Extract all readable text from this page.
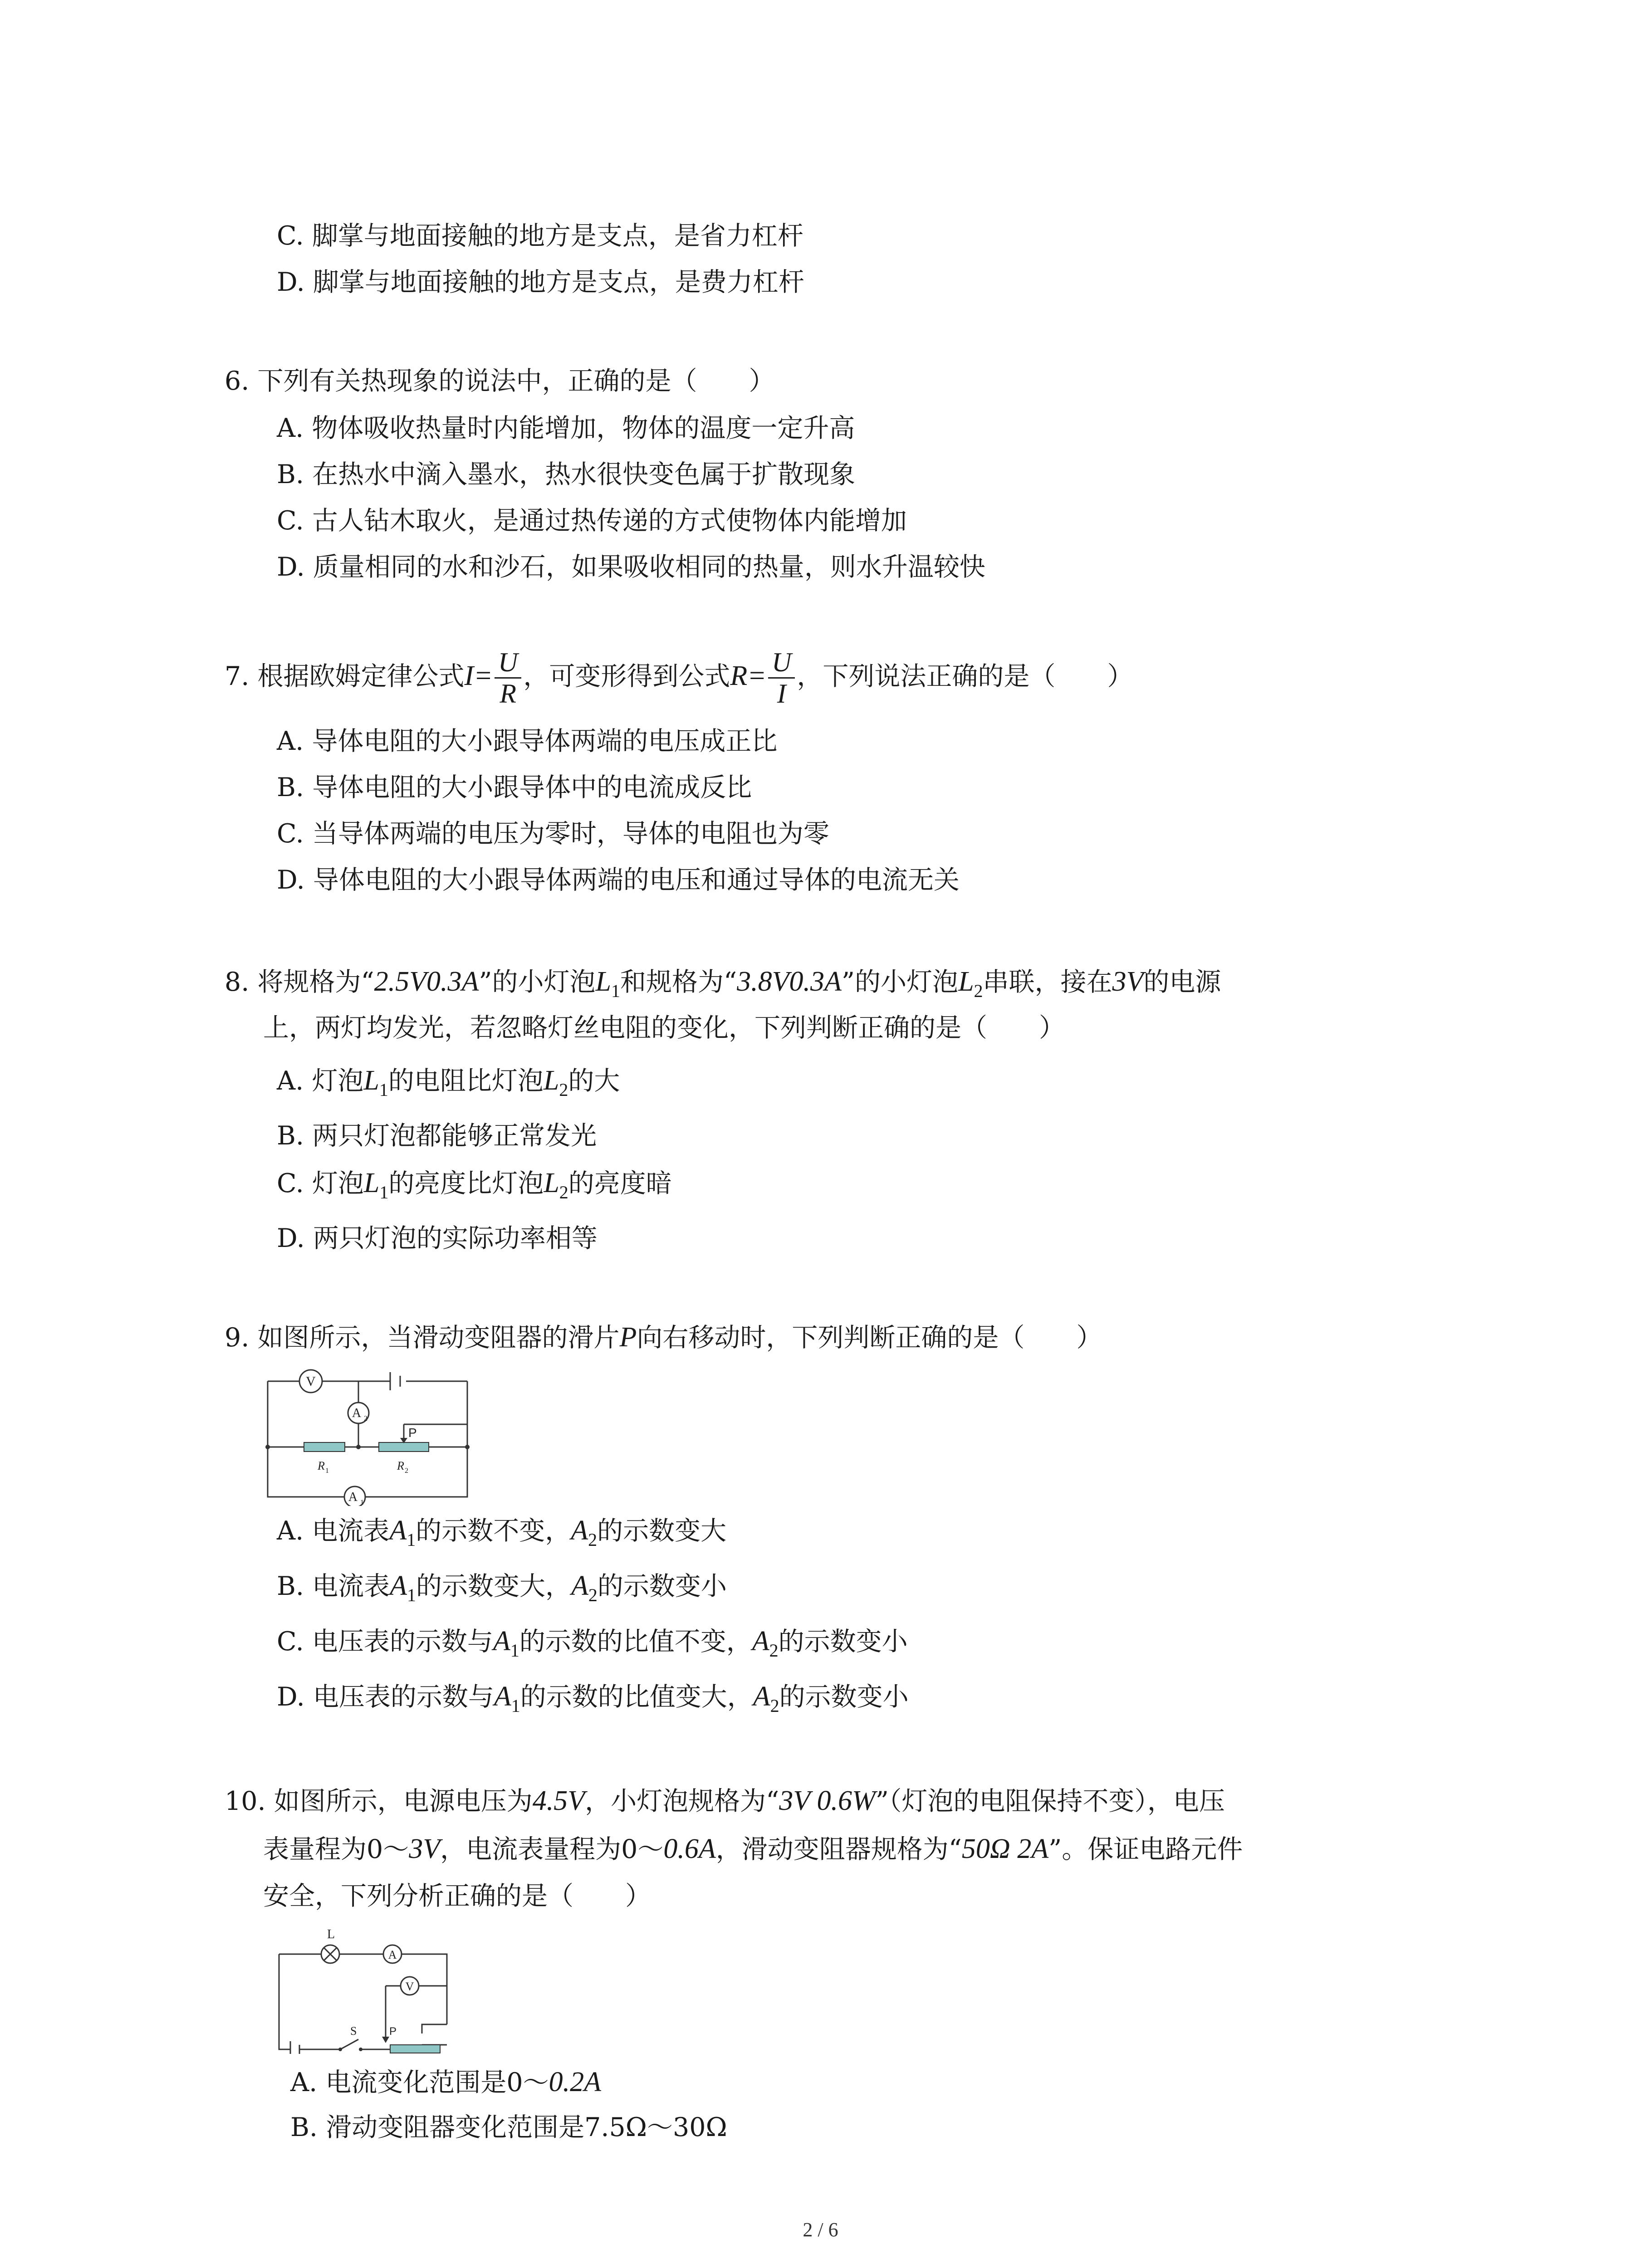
C. 脚掌与地面接触的地方是支点，是省力杠杆
D. 脚掌与地面接触的地方是支点，是费力杠杆
6. 下列有关热现象的说法中，正确的是（　　）
A. 物体吸收热量时内能增加，物体的温度一定升高
B. 在热水中滴入墨水，热水很快变色属于扩散现象
C. 古人钻木取火，是通过热传递的方式使物体内能增加
D. 质量相同的水和沙石，如果吸收相同的热量，则水升温较快
7. 根据欧姆定律公式$I= \frac{U}{R}$ ，可变形得到公式$R= \frac{U}{I}$ ，下列说法正确的是（　　）
A. 导体电阻的大小跟导体两端的电压成正比
B. 导体电阻的大小跟导体中的电流成反比
C. 当导体两端的电压为零时，导体的电阻也为零
D. 导体电阻的大小跟导体两端的电压和通过导体的电流无关
8. 将规格为“2.5V0.3A”的小灯泡$L_1$和规格为“3.8V0.3A”的小灯泡$L_2$串联，接在3V的电源
上，两灯均发光，若忽略灯丝电阻的变化，下列判断正确的是（　　）
A. 灯泡$L_1$的电阻比灯泡$L_2$的大
B. 两只灯泡都能够正常发光
C. 灯泡$L_1$的亮度比灯泡$L_2$的亮度暗
D. 两只灯泡的实际功率相等
9. 如图所示，当滑动变阻器的滑片P向右移动时，下列判断正确的是（　　）
V
A 2
R 1	R 2
P
A 1
A. 电流表$A_1$的示数不变，$A_2$的示数变大
B. 电流表$A_1$的示数变大，$A_2$的示数变小
C. 电压表的示数与$A_1$的示数的比值不变，$A_2$的示数变小
D. 电压表的示数与$A_1$的示数的比值变大，$A_2$的示数变小
10. 如图所示，电源电压为4.5V，小灯泡规格为“3V 0.6W”（灯泡的电阻保持不变），电压
表量程为0～3V，电流表量程为0～0.6A，滑动变阻器规格为“50Ω 2A”。保证电路元件
安全，下列分析正确的是（　　）
L
A
V
S	P
A. 电流变化范围是0～0.2A
B. 滑动变阻器变化范围是7.5Ω～30Ω
2 / 6
